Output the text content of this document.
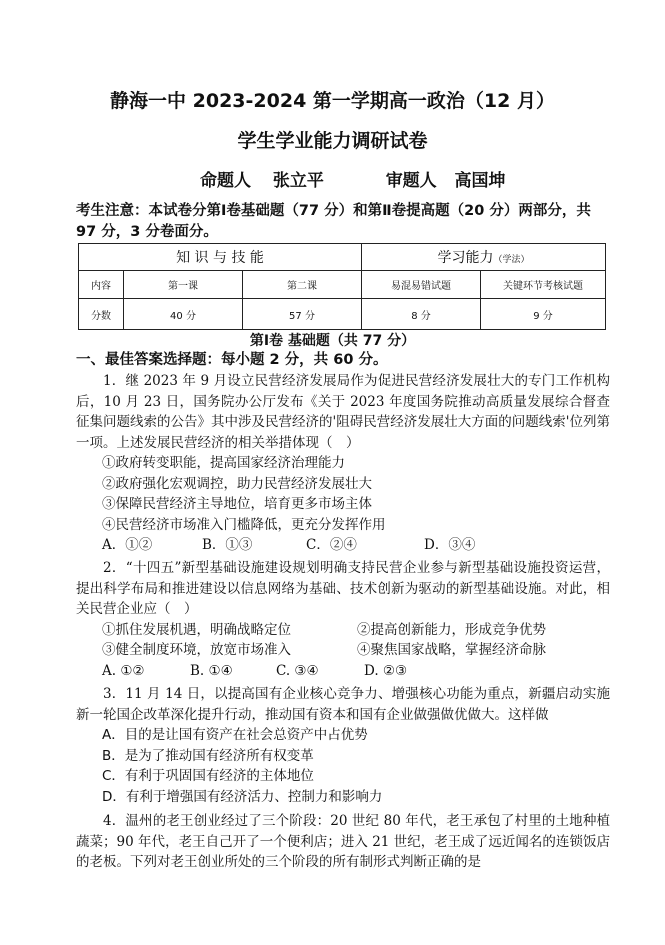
静海一中 2023-2024 第一学期高一政治（12 月）
学生学业能力调研试卷
命题人 张立平	审题人 高国坤
考生注意：本试卷分第Ⅰ卷基础题（77 分）和第Ⅱ卷提高题（20 分）两部分，共 97 分，3 分卷面分。
知 识 与 技 能			学习能力（学法）	
内容	第一课	第二课	易混易错试题	关键环节考核试题
分数	40 分	57 分	8 分	9 分
第Ⅰ卷 基础题（共 77 分）
一、最佳答案选择题：每小题 2 分，共 60 分。

1．继 2023 年 9 月设立民营经济发展局作为促进民营经济发展壮大的专门工作机构后，10 月 23 日，国务院办公厅发布《关于 2023 年度国务院推动高质量发展综合督查征集问题线索的公告》其中涉及民营经济的'阻碍民营经济发展壮大方面的问题线索'位列第一项。上述发展民营经济的相关举措体现（　）

①政府转变职能，提高国家经济治理能力

②政府强化宏观调控，助力民营经济发展壮大

③保障民营经济主导地位，培育更多市场主体

④民营经济市场准入门槛降低，更充分发挥作用

A．①②	B．①③	C．②④	D．③④

2．“十四五”新型基础设施建设规划明确支持民营企业参与新型基础设施投资运营，提出科学布局和推进建设以信息网络为基础、技术创新为驱动的新型基础设施。对此，相关民营企业应（　）

①抓住发展机遇，明确战略定位	②提高创新能力，形成竞争优势

③健全制度环境，放宽市场准入	④聚焦国家战略，掌握经济命脉

A. ①②	B. ①④	C. ③④	D. ②③

3．11 月 14 日，以提高国有企业核心竞争力、增强核心功能为重点，新疆启动实施新一轮国企改革深化提升行动，推动国有资本和国有企业做强做优做大。这样做

A．目的是让国有资产在社会总资产中占优势

B．是为了推动国有经济所有权变革

C．有利于巩固国有经济的主体地位

D．有利于增强国有经济活力、控制力和影响力

4．温州的老王创业经过了三个阶段：20 世纪 80 年代，老王承包了村里的土地种植蔬菜；90 年代，老王自己开了一个便利店；进入 21 世纪，老王成了远近闻名的连锁饭店的老板。下列对老王创业所处的三个阶段的所有制形式判断正确的是
